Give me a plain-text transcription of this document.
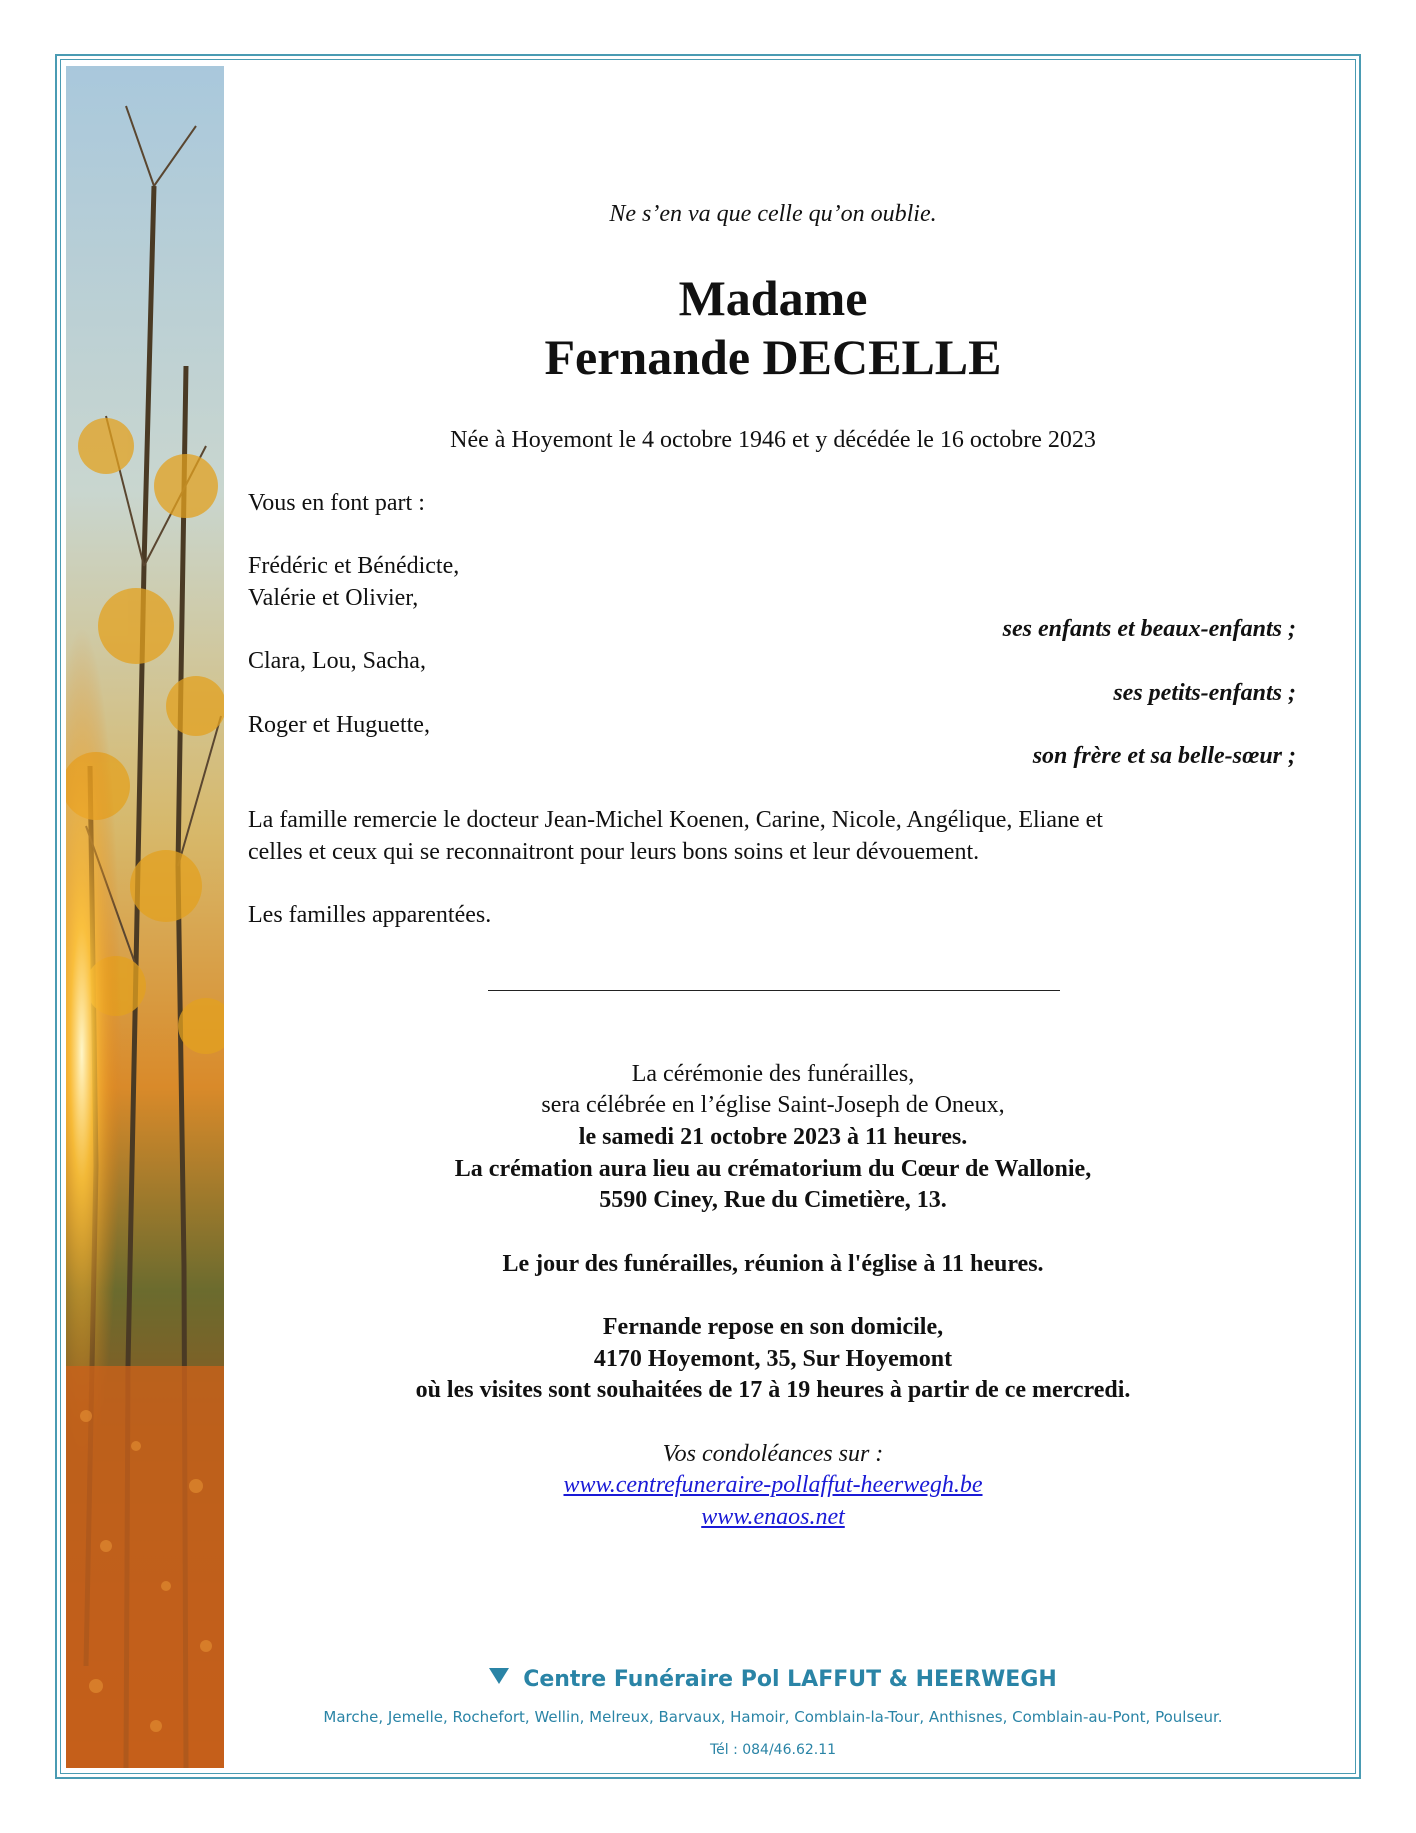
Ne s’en va que celle qu’on oublie.

Madame

Fernande DECELLE

Née à Hoyemont le 4 octobre 1946 et y décédée le 16 octobre 2023

Vous en font part :

Frédéric et Bénédicte,

Valérie et Olivier,

ses enfants et beaux-enfants ;

Clara, Lou, Sacha,

ses petits-enfants ;

Roger et Huguette,

son frère et sa belle-sœur ;

La famille remercie le docteur Jean-Michel Koenen, Carine, Nicole, Angélique, Eliane et

celles et ceux qui se reconnaitront pour leurs bons soins et leur dévouement.

Les familles apparentées.

La cérémonie des funérailles,

sera célébrée en l’église Saint-Joseph de Oneux,

le samedi 21 octobre 2023 à 11 heures.

La crémation aura lieu au crématorium du Cœur de Wallonie,

5590 Ciney, Rue du Cimetière, 13.

Le jour des funérailles, réunion à l'église à 11 heures.

Fernande repose en son domicile,

4170 Hoyemont, 35, Sur Hoyemont

où les visites sont souhaitées de 17 à 19 heures à partir de ce mercredi.

Vos condoléances sur :

www.centrefuneraire-pollaffut-heerwegh.be

www.enaos.net

Centre Funéraire Pol LAFFUT & HEERWEGH
Marche, Jemelle, Rochefort, Wellin, Melreux, Barvaux, Hamoir, Comblain-la-Tour, Anthisnes, Comblain-au-Pont, Poulseur.
Tél : 084/46.62.11
